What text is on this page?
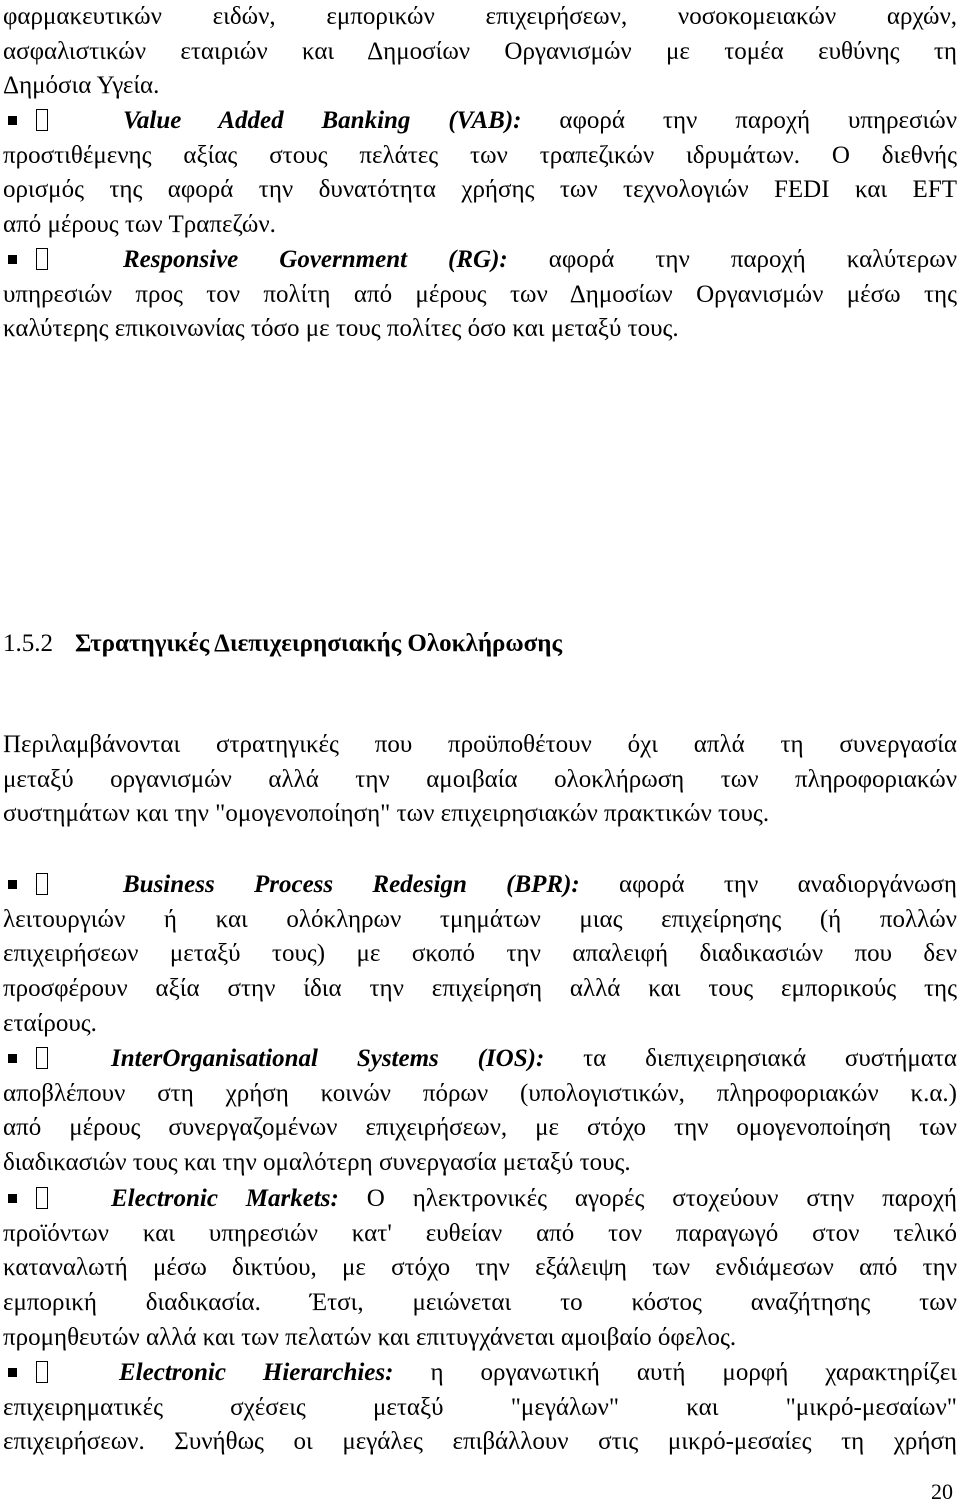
φαρμακευτικών ειδών, εμπορικών επιχειρήσεων, νοσοκομειακών αρχών,
ασφαλιστικών εταιριών και Δημοσίων Οργανισμών με τομέα ευθύνης τη
Δημόσια Υγεία.
Value Added Banking (VAB): αφορά την παροχή υπηρεσιών
προστιθέμενης αξίας στους πελάτες των τραπεζικών ιδρυμάτων. Ο διεθνής
ορισμός της αφορά την δυνατότητα χρήσης των τεχνολογιών FEDI και EFT
από μέρους των Τραπεζών.
Responsive Government (RG): αφορά την παροχή καλύτερων
υπηρεσιών προς τον πολίτη από μέρους των Δημοσίων Οργανισμών μέσω της
καλύτερης επικοινωνίας τόσο με τους πολίτες όσο και μεταξύ τους.
1.5.2 Στρατηγικές Διεπιχειρησιακής Ολοκλήρωσης
Περιλαμβάνονται στρατηγικές που προϋποθέτουν όχι απλά τη συνεργασία
μεταξύ οργανισμών αλλά την αμοιβαία ολοκλήρωση των πληροφοριακών
συστημάτων και την "ομογενοποίηση" των επιχειρησιακών πρακτικών τους.
Business Process Redesign (BPR): αφορά την αναδιοργάνωση
λειτουργιών ή και ολόκληρων τμημάτων μιας επιχείρησης (ή πολλών
επιχειρήσεων μεταξύ τους) με σκοπό την απαλειφή διαδικασιών που δεν
προσφέρουν αξία στην ίδια την επιχείρηση αλλά και τους εμπορικούς της
εταίρους.
InterOrganisational Systems (IOS): τα διεπιχειρησιακά συστήματα
αποβλέπουν στη χρήση κοινών πόρων (υπολογιστικών, πληροφοριακών κ.α.)
από μέρους συνεργαζομένων επιχειρήσεων, με στόχο την ομογενοποίηση των
διαδικασιών τους και την ομαλότερη συνεργασία μεταξύ τους.
Electronic Markets: Ο ηλεκτρονικές αγορές στοχεύουν στην παροχή
προϊόντων και υπηρεσιών κατ' ευθείαν από τον παραγωγό στον τελικό
καταναλωτή μέσω δικτύου, με στόχο την εξάλειψη των ενδιάμεσων από την
εμπορική διαδικασία. Έτσι, μειώνεται το κόστος αναζήτησης των
προμηθευτών αλλά και των πελατών και επιτυγχάνεται αμοιβαίο όφελος.
Electronic Hierarchies: η οργανωτική αυτή μορφή χαρακτηρίζει
επιχειρηματικές σχέσεις μεταξύ "μεγάλων" και "μικρό-μεσαίων"
επιχειρήσεων. Συνήθως οι μεγάλες επιβάλλουν στις μικρό-μεσαίες τη χρήση
20
